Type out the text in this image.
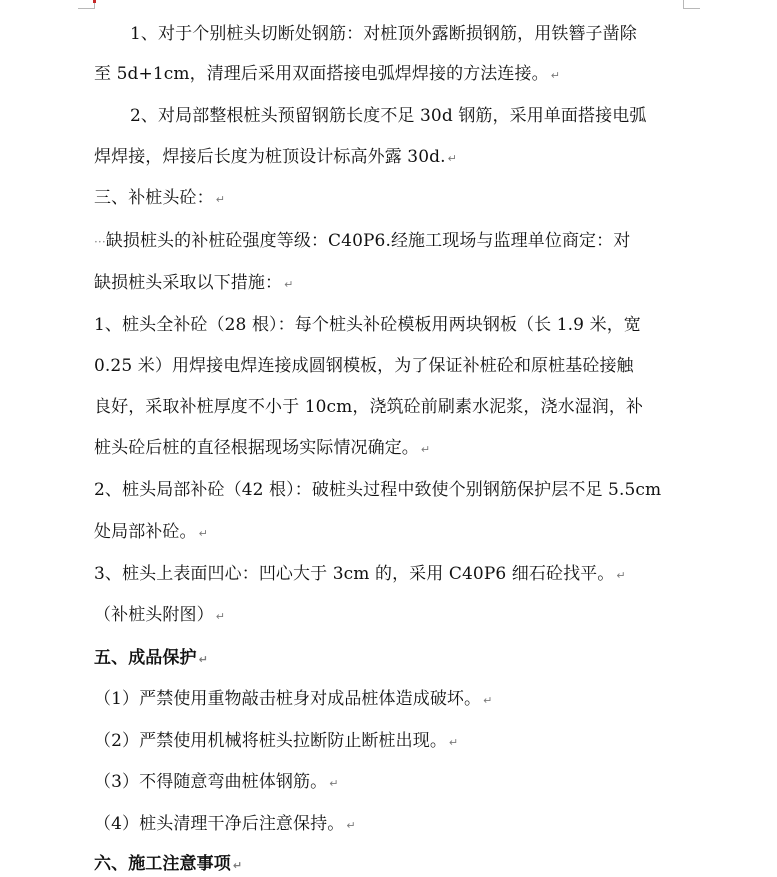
1、对于个别桩头切断处钢筋：对桩顶外露断损钢筋，用铁簪子凿除
至 5d+1cm，清理后采用双面搭接电弧焊焊接的方法连接。 ↵
2、对局部整根桩头预留钢筋长度不足 30d 钢筋，采用单面搭接电弧
焊焊接，焊接后长度为桩顶设计标高外露 30d. ↵
三、补桩头砼： ↵
···缺损桩头的补桩砼强度等级：C40P6.经施工现场与监理单位商定：对
缺损桩头采取以下措施： ↵
1、桩头全补砼（28 根）：每个桩头补砼模板用两块钢板（长 1.9 米，宽
0.25 米）用焊接电焊连接成圆钢模板，为了保证补桩砼和原桩基砼接触
良好，采取补桩厚度不小于 10cm，浇筑砼前刷素水泥浆，浇水湿润，补
桩头砼后桩的直径根据现场实际情况确定。 ↵
2、桩头局部补砼（42 根）：破桩头过程中致使个别钢筋保护层不足 5.5cm
处局部补砼。 ↵
3、桩头上表面凹心：凹心大于 3cm 的，采用 C40P6 细石砼找平。 ↵
（补桩头附图） ↵
五、成品保护 ↵
（1）严禁使用重物敲击桩身对成品桩体造成破坏。 ↵
（2）严禁使用机械将桩头拉断防止断桩出现。 ↵
（3）不得随意弯曲桩体钢筋。 ↵
（4）桩头清理干净后注意保持。 ↵
六、施工注意事项 ↵
